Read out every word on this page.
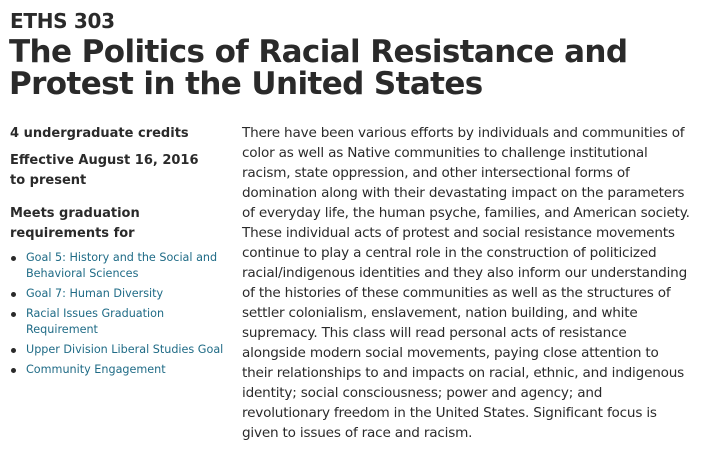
ETHS 303
The Politics of Racial Resistance and Protest in the United States

4 undergraduate credits

Effective August 16, 2016
to present

Meets graduation
requirements for

Goal 5: History and the Social and Behavioral Sciences
Goal 7: Human Diversity
Racial Issues Graduation Requirement
Upper Division Liberal Studies Goal
Community Engagement

There have been various efforts by individuals and communities of color as well as Native communities to challenge institutional racism, state oppression, and other intersectional forms of domination along with their devastating impact on the parameters of everyday life, the human psyche, families, and American society. These individual acts of protest and social resistance movements continue to play a central role in the construction of politicized racial/indigenous identities and they also inform our understanding of the histories of these communities as well as the structures of settler colonialism, enslavement, nation building, and white supremacy. This class will read personal acts of resistance alongside modern social movements, paying close attention to their relationships to and impacts on racial, ethnic, and indigenous identity; social consciousness; power and agency; and revolutionary freedom in the United States. Significant focus is given to issues of race and racism.
